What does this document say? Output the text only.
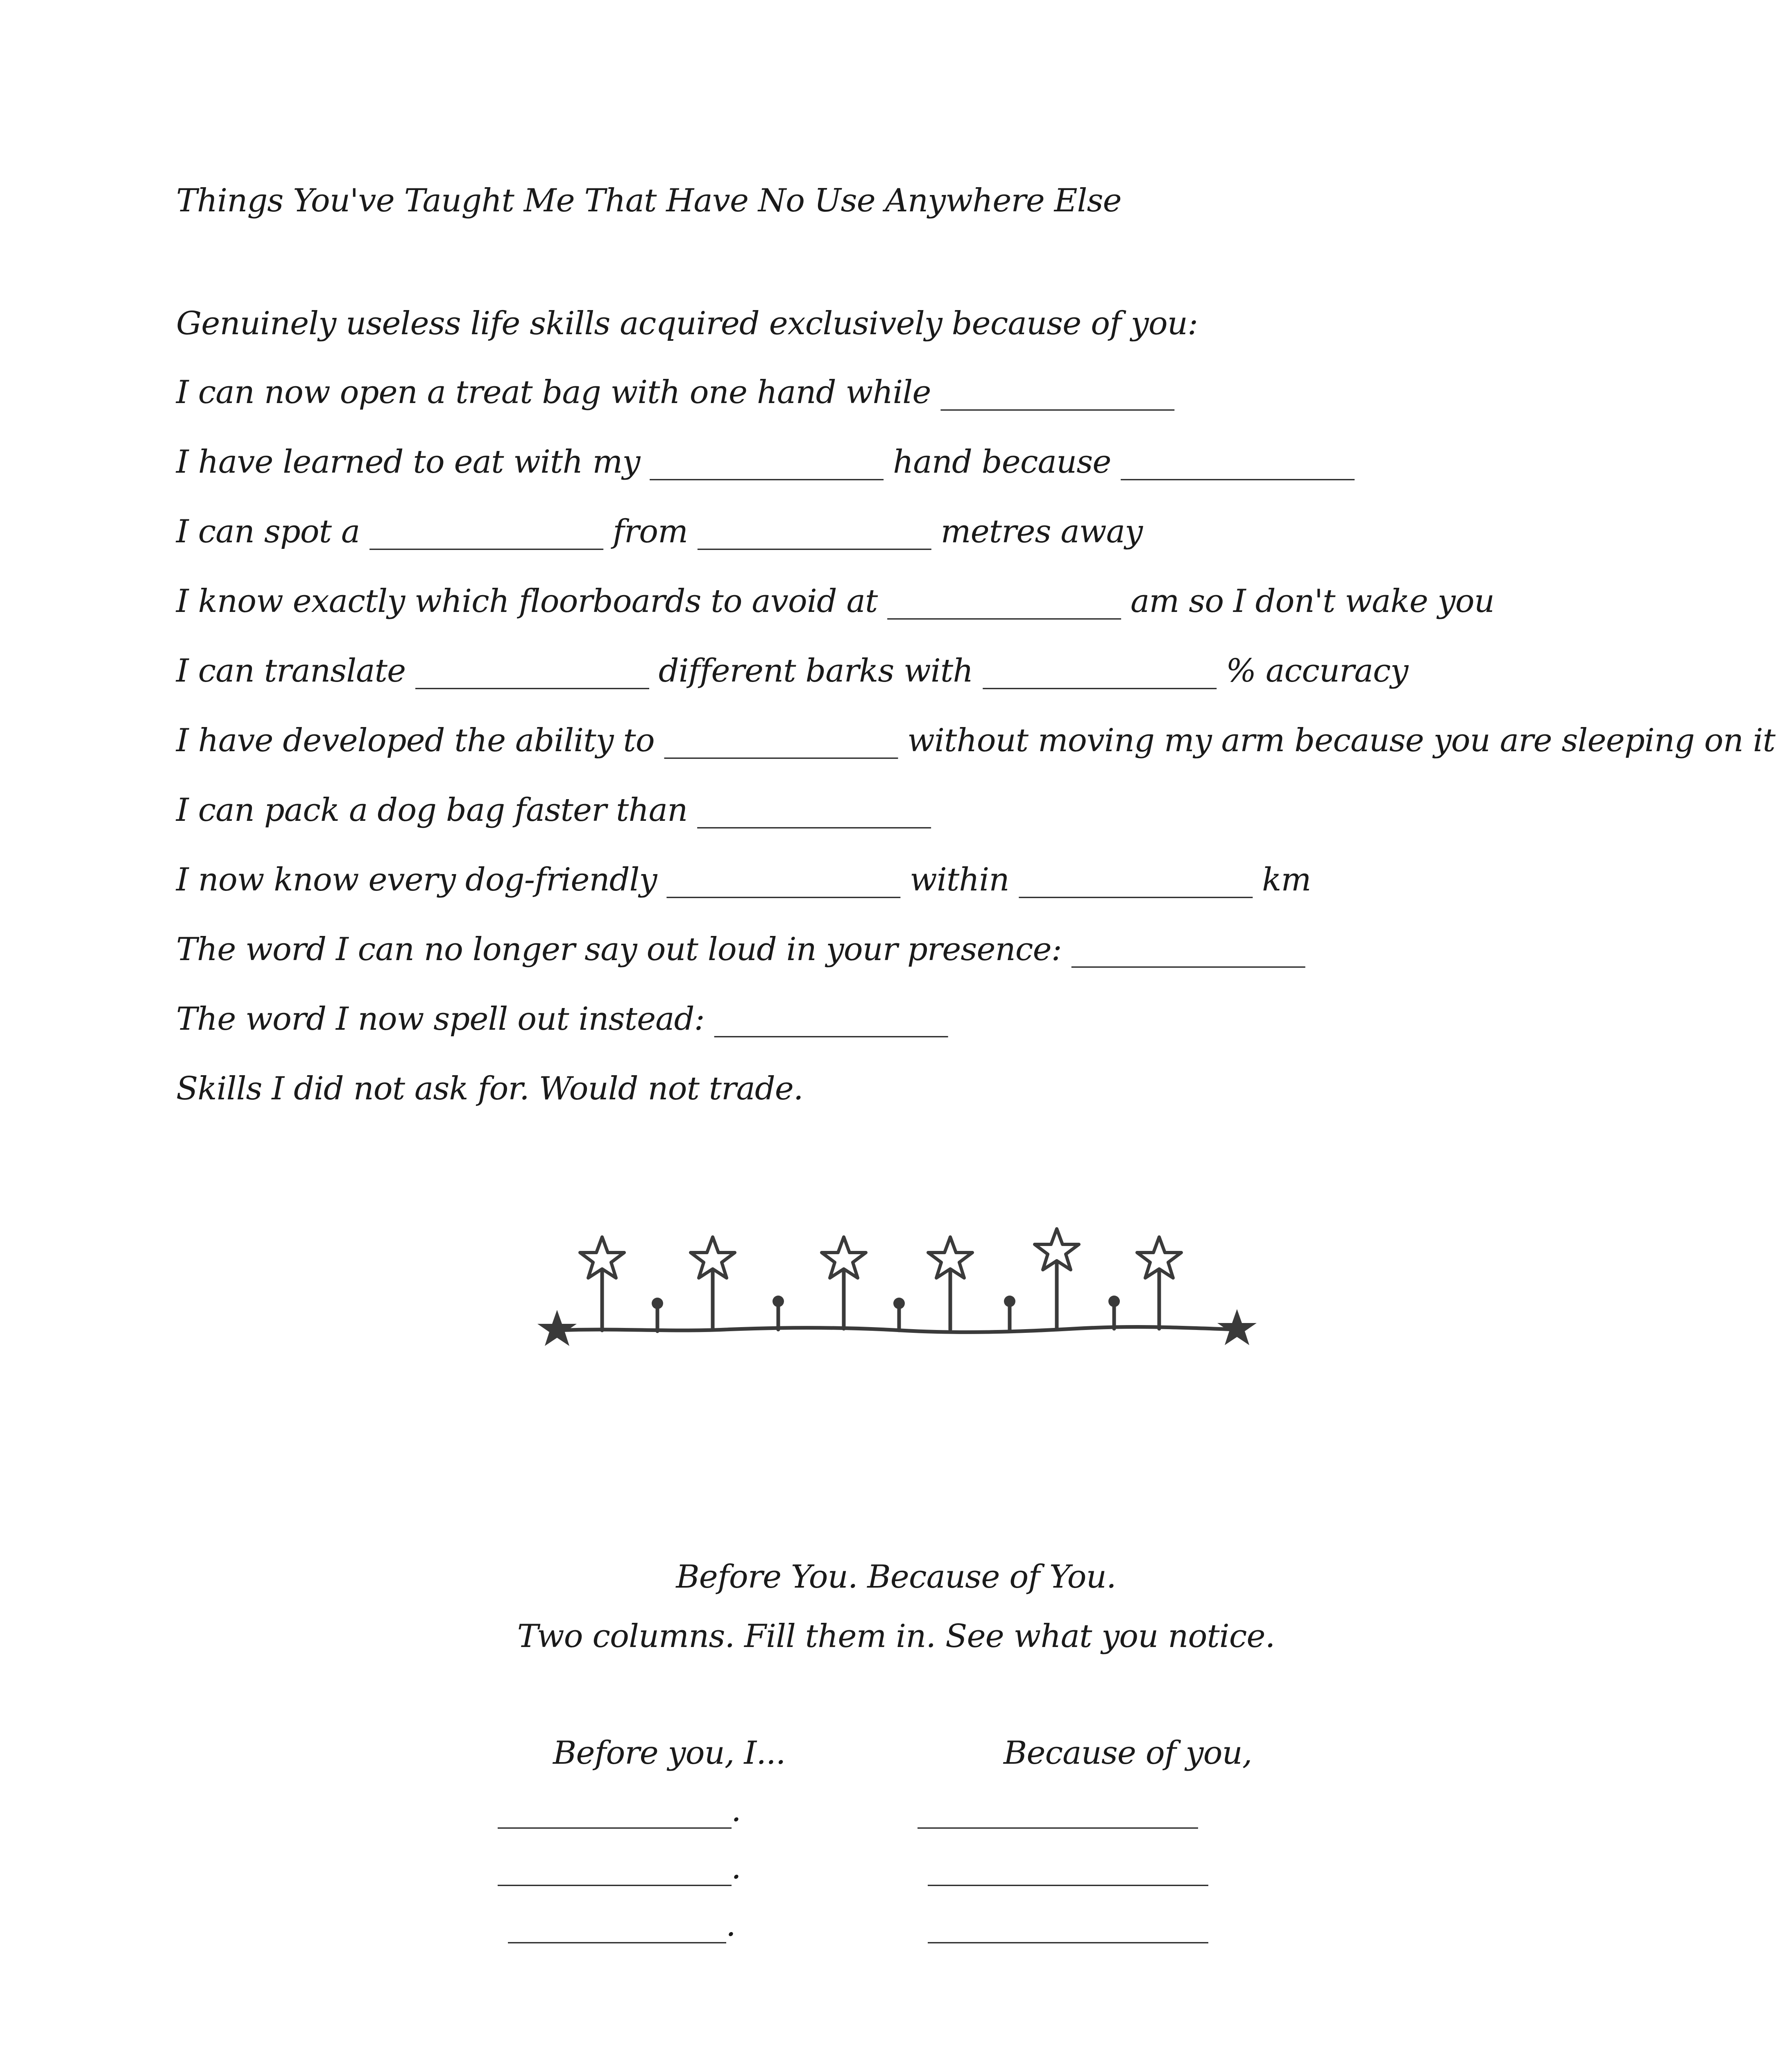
Things You've Taught Me That Have No Use Anywhere Else
Genuinely useless life skills acquired exclusively because of you:
I can now open a treat bag with one hand while _______________
I have learned to eat with my _______________ hand because _______________
I can spot a _______________ from _______________ metres away
I know exactly which floorboards to avoid at _______________ am so I don't wake you
I can translate _______________ different barks with _______________ % accuracy
I have developed the ability to _______________ without moving my arm because you are sleeping on it
I can pack a dog bag faster than _______________
I now know every dog-friendly _______________ within _______________ km
The word I can no longer say out loud in your presence: _______________
The word I now spell out instead: _______________
Skills I did not ask for. Would not trade.
Before You. Because of You.
Two columns. Fill them in. See what you notice.
Before you, I...	Because of you,
_______________.
_______________.
______________.
__________________
__________________
__________________
